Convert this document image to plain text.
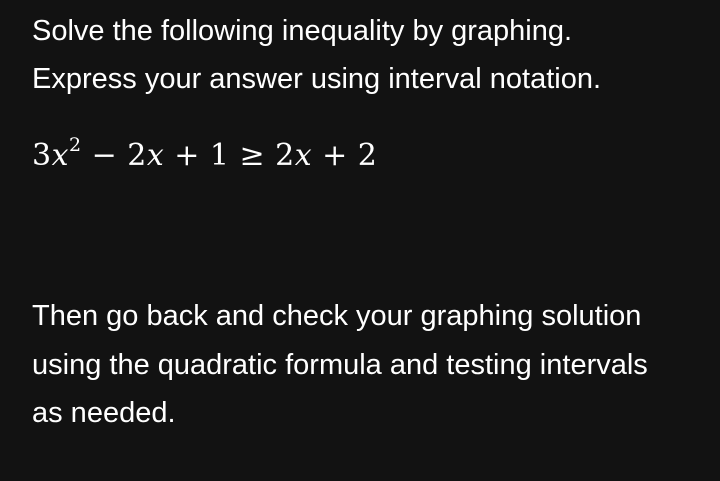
Solve the following inequality by graphing.
Express your answer using interval notation.
$3x^2 - 2x + 1 \ge 2x + 2$
Then go back and check your graphing solution
using the quadratic formula and testing intervals
as needed.
